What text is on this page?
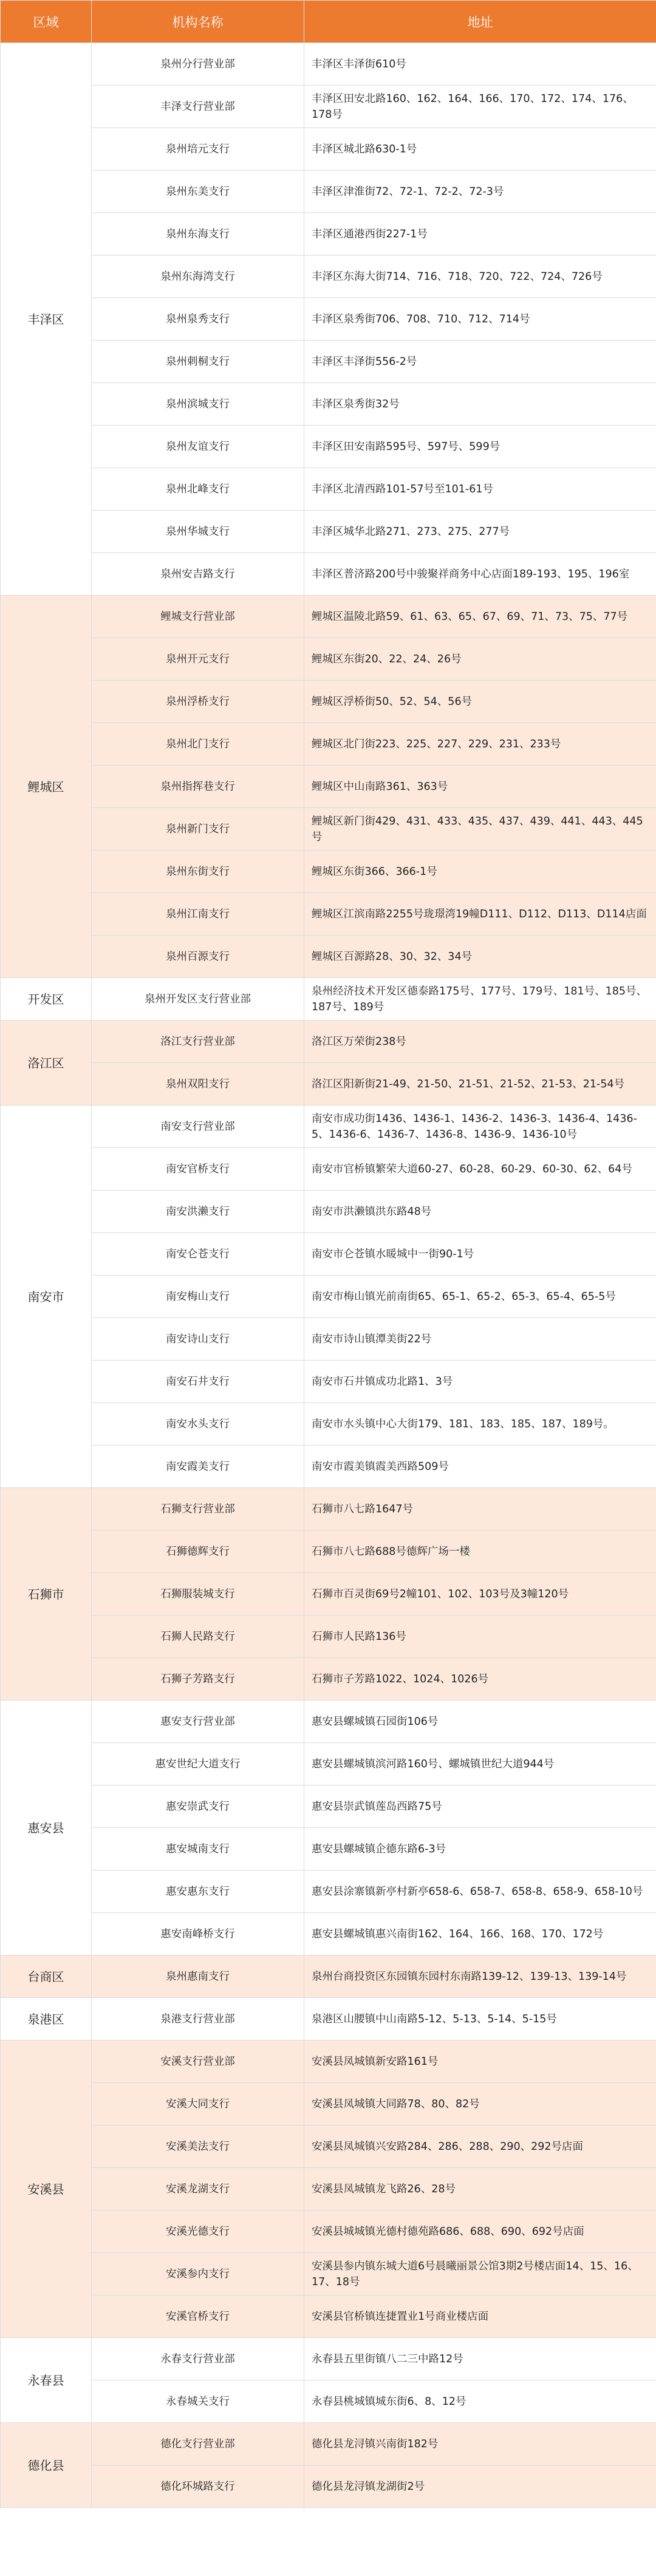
区域	机构名称	地址
丰泽区	泉州分行营业部	丰泽区丰泽街610号
	丰泽支行营业部	丰泽区田安北路160、162、164、166、170、172、174、176、178号
	泉州培元支行	丰泽区城北路630-1号
	泉州东美支行	丰泽区津淮街72、72-1、72-2、72-3号
	泉州东海支行	丰泽区通港西街227-1号
	泉州东海湾支行	丰泽区东海大街714、716、718、720、722、724、726号
	泉州泉秀支行	丰泽区泉秀街706、708、710、712、714号
	泉州刺桐支行	丰泽区丰泽街556-2号
	泉州滨城支行	丰泽区泉秀街32号
	泉州友谊支行	丰泽区田安南路595号、597号、599号
	泉州北峰支行	丰泽区北清西路101-57号至101-61号
	泉州华城支行	丰泽区城华北路271、273、275、277号
	泉州安吉路支行	丰泽区普济路200号中骏聚祥商务中心店面189-193、195、196室
鲤城区	鲤城支行营业部	鲤城区温陵北路59、61、63、65、67、69、71、73、75、77号
	泉州开元支行	鲤城区东街20、22、24、26号
	泉州浮桥支行	鲤城区浮桥街50、52、54、56号
	泉州北门支行	鲤城区北门街223、225、227、229、231、233号
	泉州指挥巷支行	鲤城区中山南路361、363号
	泉州新门支行	鲤城区新门街429、431、433、435、437、439、441、443、445号
	泉州东街支行	鲤城区东街366、366-1号
	泉州江南支行	鲤城区江滨南路2255号珑璟湾19幢D111、D112、D113、D114店面
	泉州百源支行	鲤城区百源路28、30、32、34号
开发区	泉州开发区支行营业部	泉州经济技术开发区德泰路175号、177号、179号、181号、185号、187号、189号
洛江区	洛江支行营业部	洛江区万荣街238号
	泉州双阳支行	洛江区阳新街21-49、21-50、21-51、21-52、21-53、21-54号
南安市	南安支行营业部	南安市成功街1436、1436-1、1436-2、1436-3、1436-4、1436-5、1436-6、1436-7、1436-8、1436-9、1436-10号
	南安官桥支行	南安市官桥镇繁荣大道60-27、60-28、60-29、60-30、62、64号
	南安洪濑支行	南安市洪濑镇洪东路48号
	南安仑苍支行	南安市仑苍镇水暖城中一街90-1号
	南安梅山支行	南安市梅山镇光前南街65、65-1、65-2、65-3、65-4、65-5号
	南安诗山支行	南安市诗山镇潭美街22号
	南安石井支行	南安市石井镇成功北路1、3号
	南安水头支行	南安市水头镇中心大街179、181、183、185、187、189号。
	南安霞美支行	南安市霞美镇霞美西路509号
石狮市	石狮支行营业部	石狮市八七路1647号
	石狮德辉支行	石狮市八七路688号德辉广场一楼
	石狮服装城支行	石狮市百灵街69号2幢101、102、103号及3幢120号
	石狮人民路支行	石狮市人民路136号
	石狮子芳路支行	石狮市子芳路1022、1024、1026号
惠安县	惠安支行营业部	惠安县螺城镇石园街106号
	惠安世纪大道支行	惠安县螺城镇滨河路160号、螺城镇世纪大道944号
	惠安崇武支行	惠安县崇武镇莲岛西路75号
	惠安城南支行	惠安县螺城镇企德东路6-3号
	惠安惠东支行	惠安县涂寨镇新亭村新亭658-6、658-7、658-8、658-9、658-10号
	惠安南峰桥支行	惠安县螺城镇惠兴南街162、164、166、168、170、172号
台商区	泉州惠南支行	泉州台商投资区东园镇东园村东南路139-12、139-13、139-14号
泉港区	泉港支行营业部	泉港区山腰镇中山南路5-12、5-13、5-14、5-15号
安溪县	安溪支行营业部	安溪县凤城镇新安路161号
	安溪大同支行	安溪县凤城镇大同路78、80、82号
	安溪美法支行	安溪县凤城镇兴安路284、286、288、290、292号店面
	安溪龙湖支行	安溪县凤城镇龙飞路26、28号
	安溪光德支行	安溪县城城镇光德村德苑路686、688、690、692号店面
	安溪参内支行	安溪县参内镇东城大道6号晨曦丽景公馆3期2号楼店面14、15、16、17、18号
	安溪官桥支行	安溪县官桥镇连捷置业1号商业楼店面
永春县	永春支行营业部	永春县五里街镇八二三中路12号
	永春城关支行	永春县桃城镇城东街6、8、12号
德化县	德化支行营业部	德化县龙浔镇兴南街182号
	德化环城路支行	德化县龙浔镇龙湖街2号
